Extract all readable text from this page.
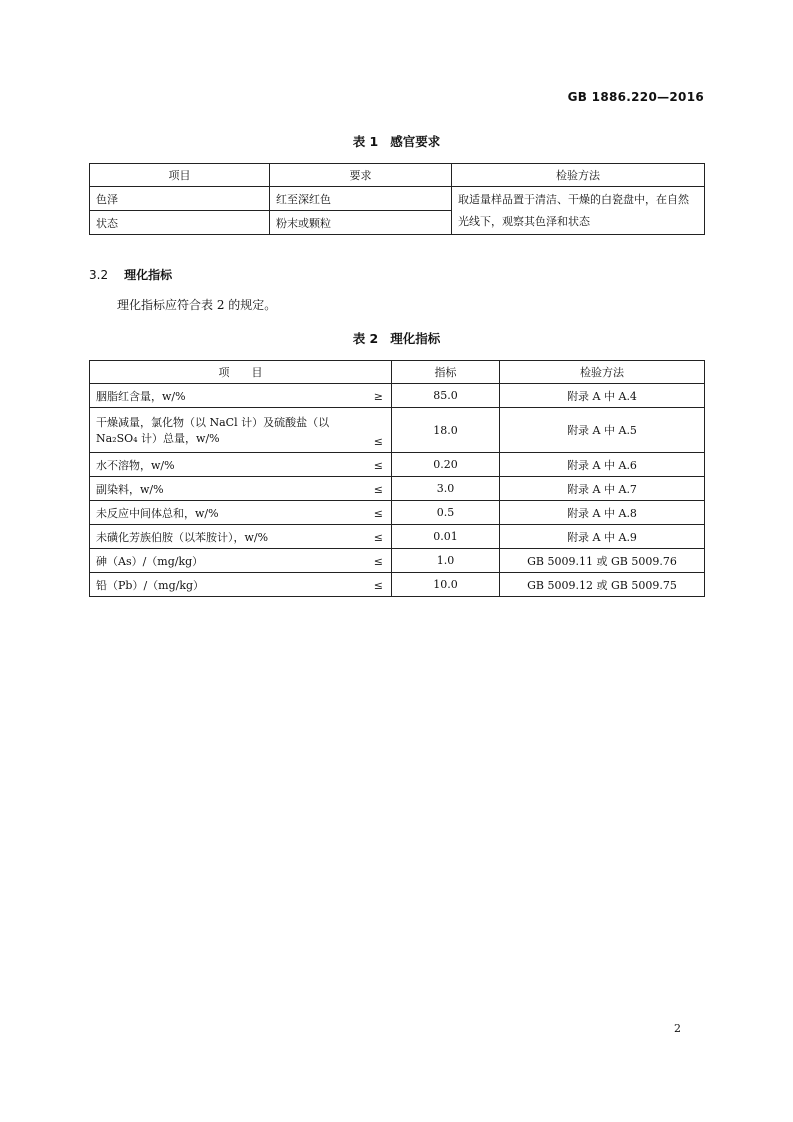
GB 1886.220—2016
表 1 感官要求
项目	要求	检验方法
色泽	红至深红色	取适量样品置于清洁、干燥的白瓷盘中，在自然光线下，观察其色泽和状态
状态	粉末或颗粒	
3.2 理化指标
理化指标应符合表 2 的规定。
表 2 理化指标
项　　目	指标	检验方法
胭脂红含量，w/% ≥	85.0	附录 A 中 A.4
干燥减量，氯化物（以 NaCl 计）及硫酸盐（以 Na₂SO₄ 计）总量，w/% ≤	18.0	附录 A 中 A.5
水不溶物，w/% ≤	0.20	附录 A 中 A.6
副染料，w/% ≤	3.0	附录 A 中 A.7
未反应中间体总和，w/% ≤	0.5	附录 A 中 A.8
未磺化芳族伯胺（以苯胺计），w/% ≤	0.01	附录 A 中 A.9
砷（As）/（mg/kg） ≤	1.0	GB 5009.11 或 GB 5009.76
铅（Pb）/（mg/kg） ≤	10.0	GB 5009.12 或 GB 5009.75
2
